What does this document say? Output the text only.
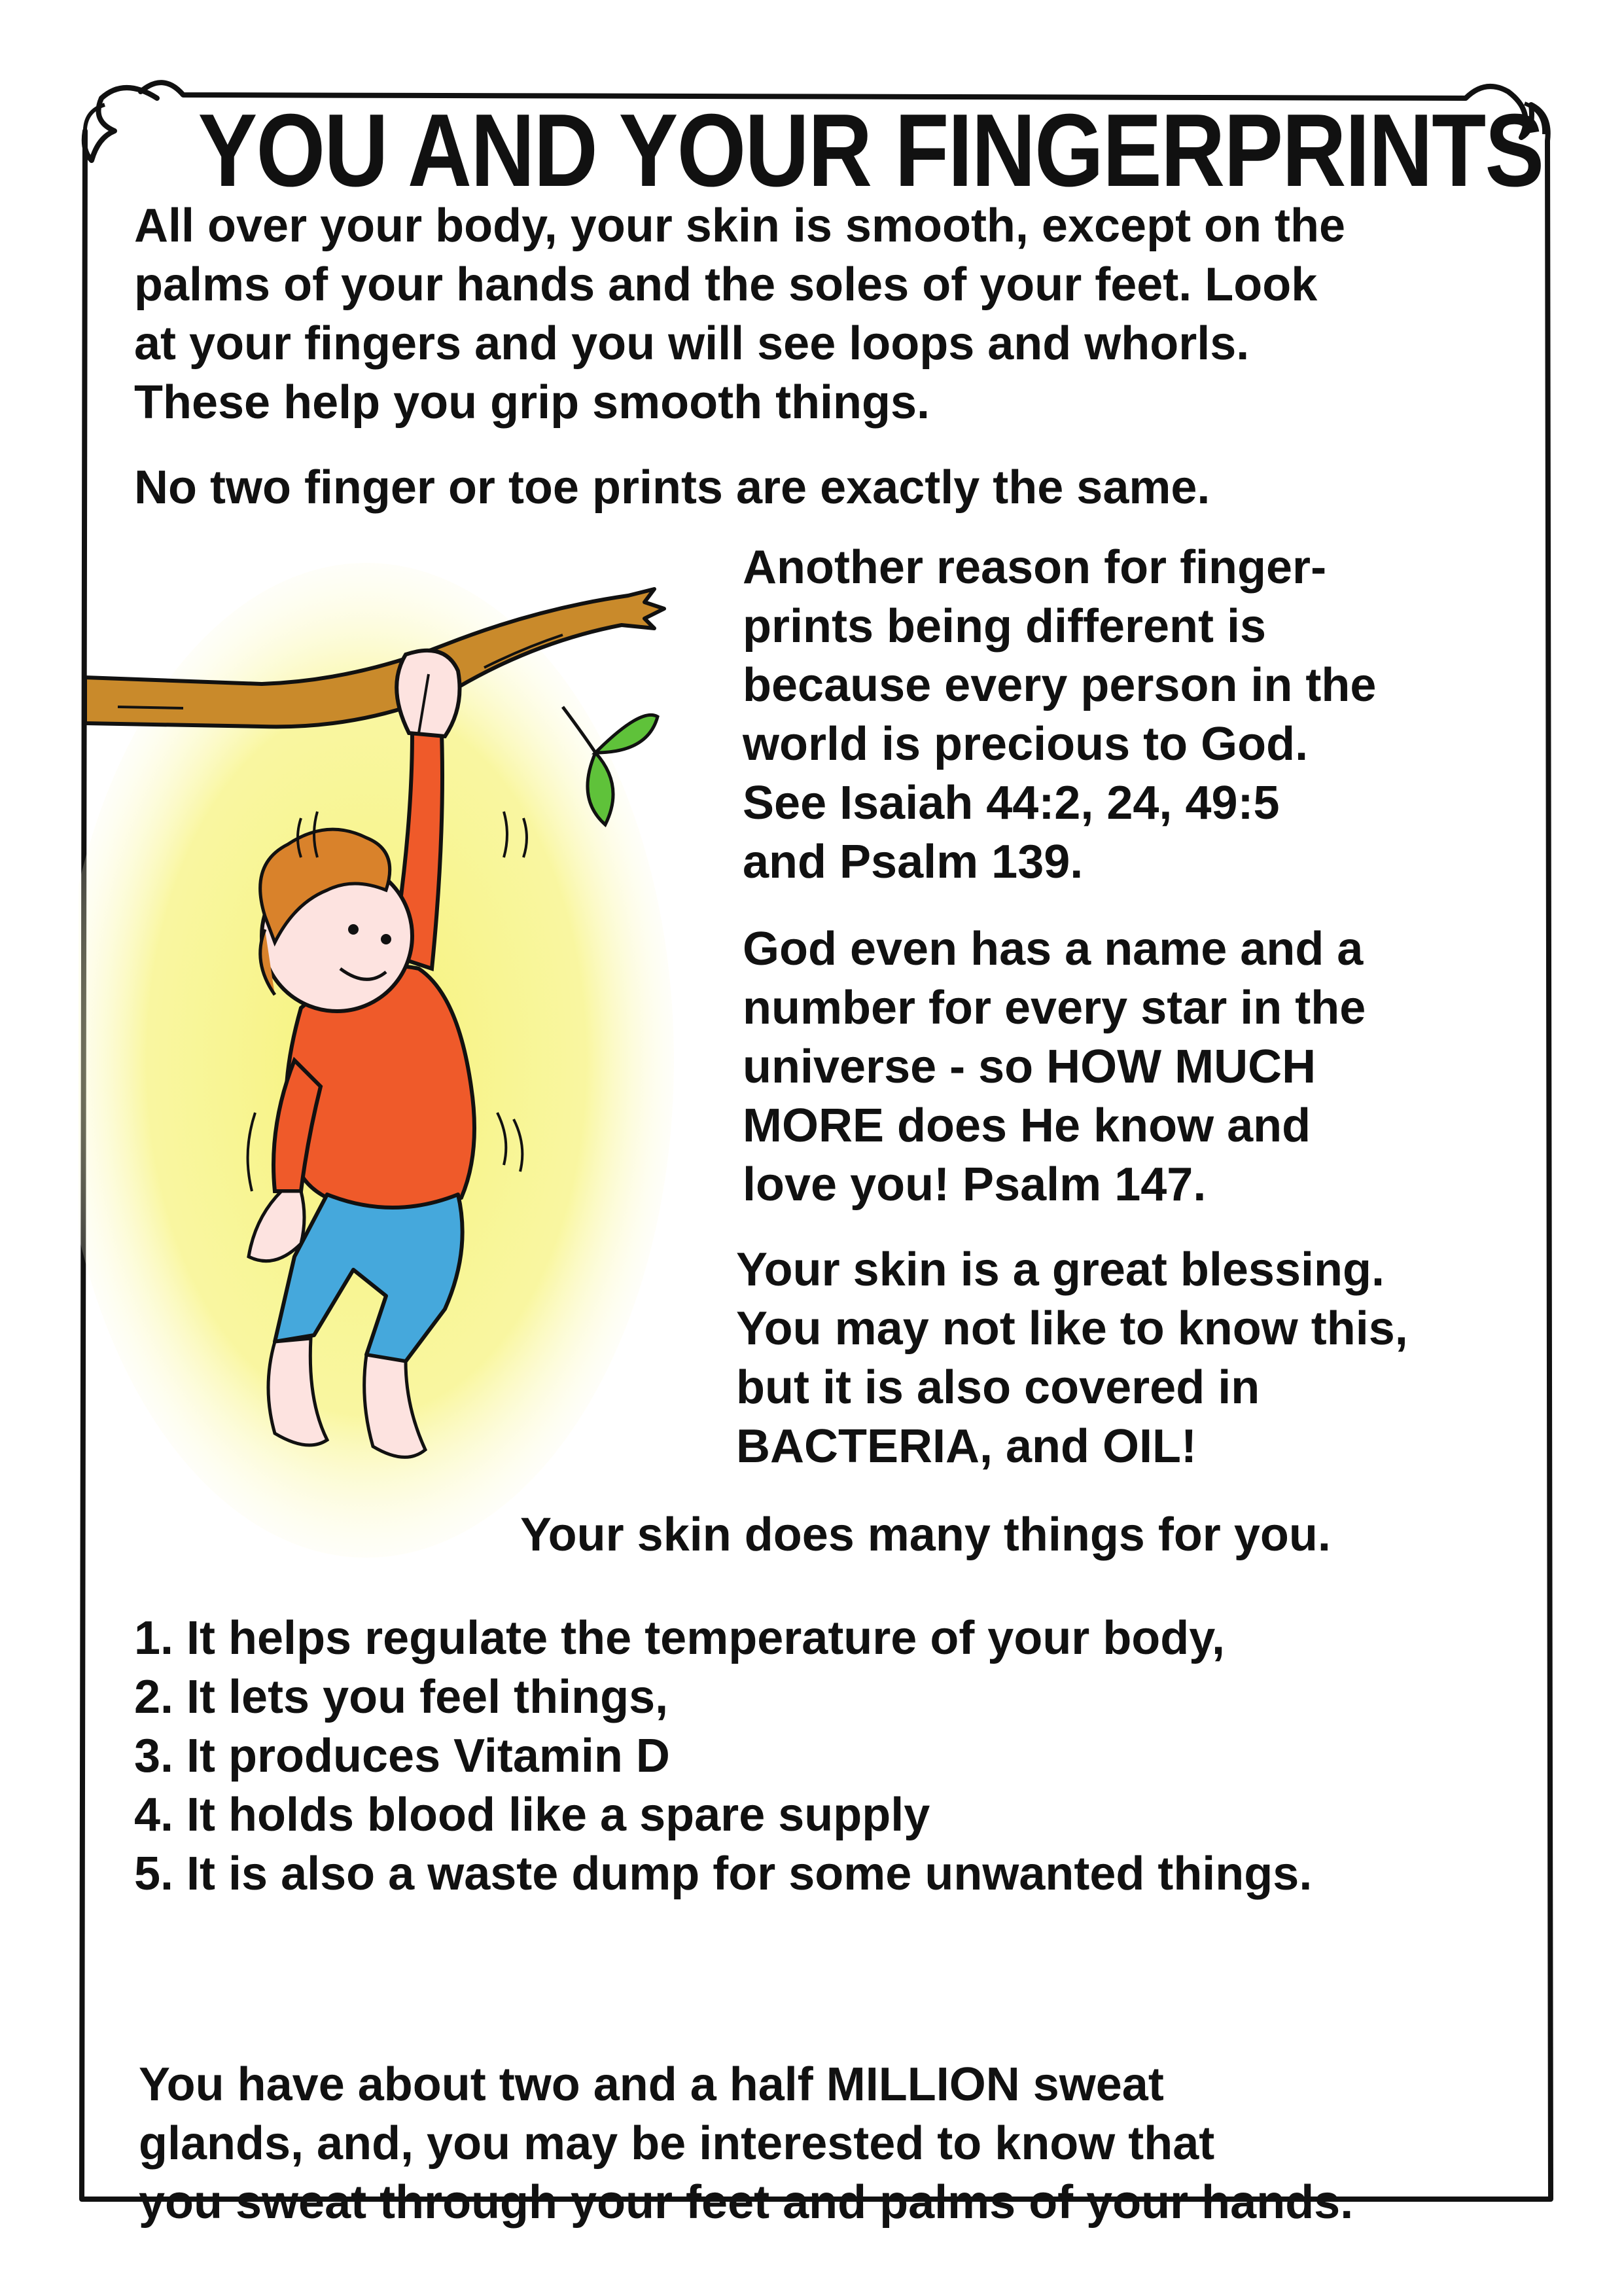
YOU AND YOUR FINGERPRINTS

All over your body, your skin is smooth, except on the
palms of your hands and the soles of your feet. Look
at your fingers and you will see loops and whorls.
These help you grip smooth things.

No two finger or toe prints are exactly the same.

Another reason for finger-
prints being different is
because every person in the
world is precious to God.
See Isaiah 44:2, 24, 49:5
and Psalm 139.

God even has a name and a
number for every star in the
universe - so HOW MUCH
MORE does He know and
love you! Psalm 147.

Your skin is a great blessing.
You may not like to know this,
but it is also covered in
BACTERIA, and OIL!

Your skin does many things for you.

1. It helps regulate the temperature of your body,
2. It lets you feel things,
3. It produces Vitamin D
4. It holds blood like a spare supply
5. It is also a waste dump for some unwanted things.

You have about two and a half MILLION sweat
glands, and, you may be interested to know that
you sweat through your feet and palms of your hands.
